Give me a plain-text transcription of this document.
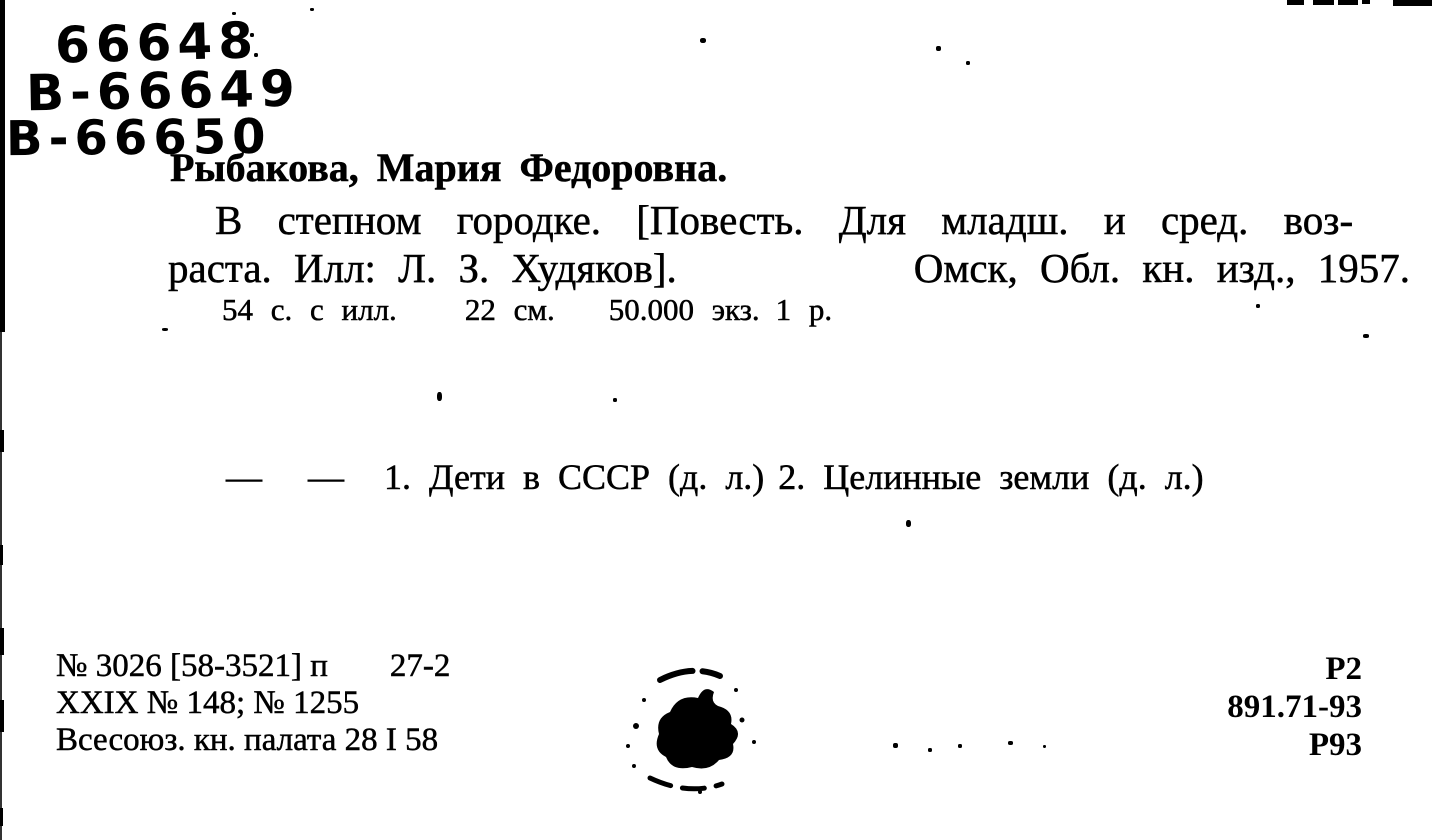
66648
В-66649
В-66650
Рыбакова, Мария Федоровна.
В степном городке. [Повесть. Для младш. и сред. воз-
раста. Илл: Л. З. Худяков].	Омск, Обл. кн. изд., 1957.
54 с. с илл. 22 см. 50.000 экз. 1 р.
— — 1. Дети в СССР (д. л.) 2. Целинные земли (д. л.)
№ 3026 [58-3521] п 27-2
XXIX № 148; № 1255
Всесоюз. кн. палата 28 I 58
Р2
891.71-93
Р93
